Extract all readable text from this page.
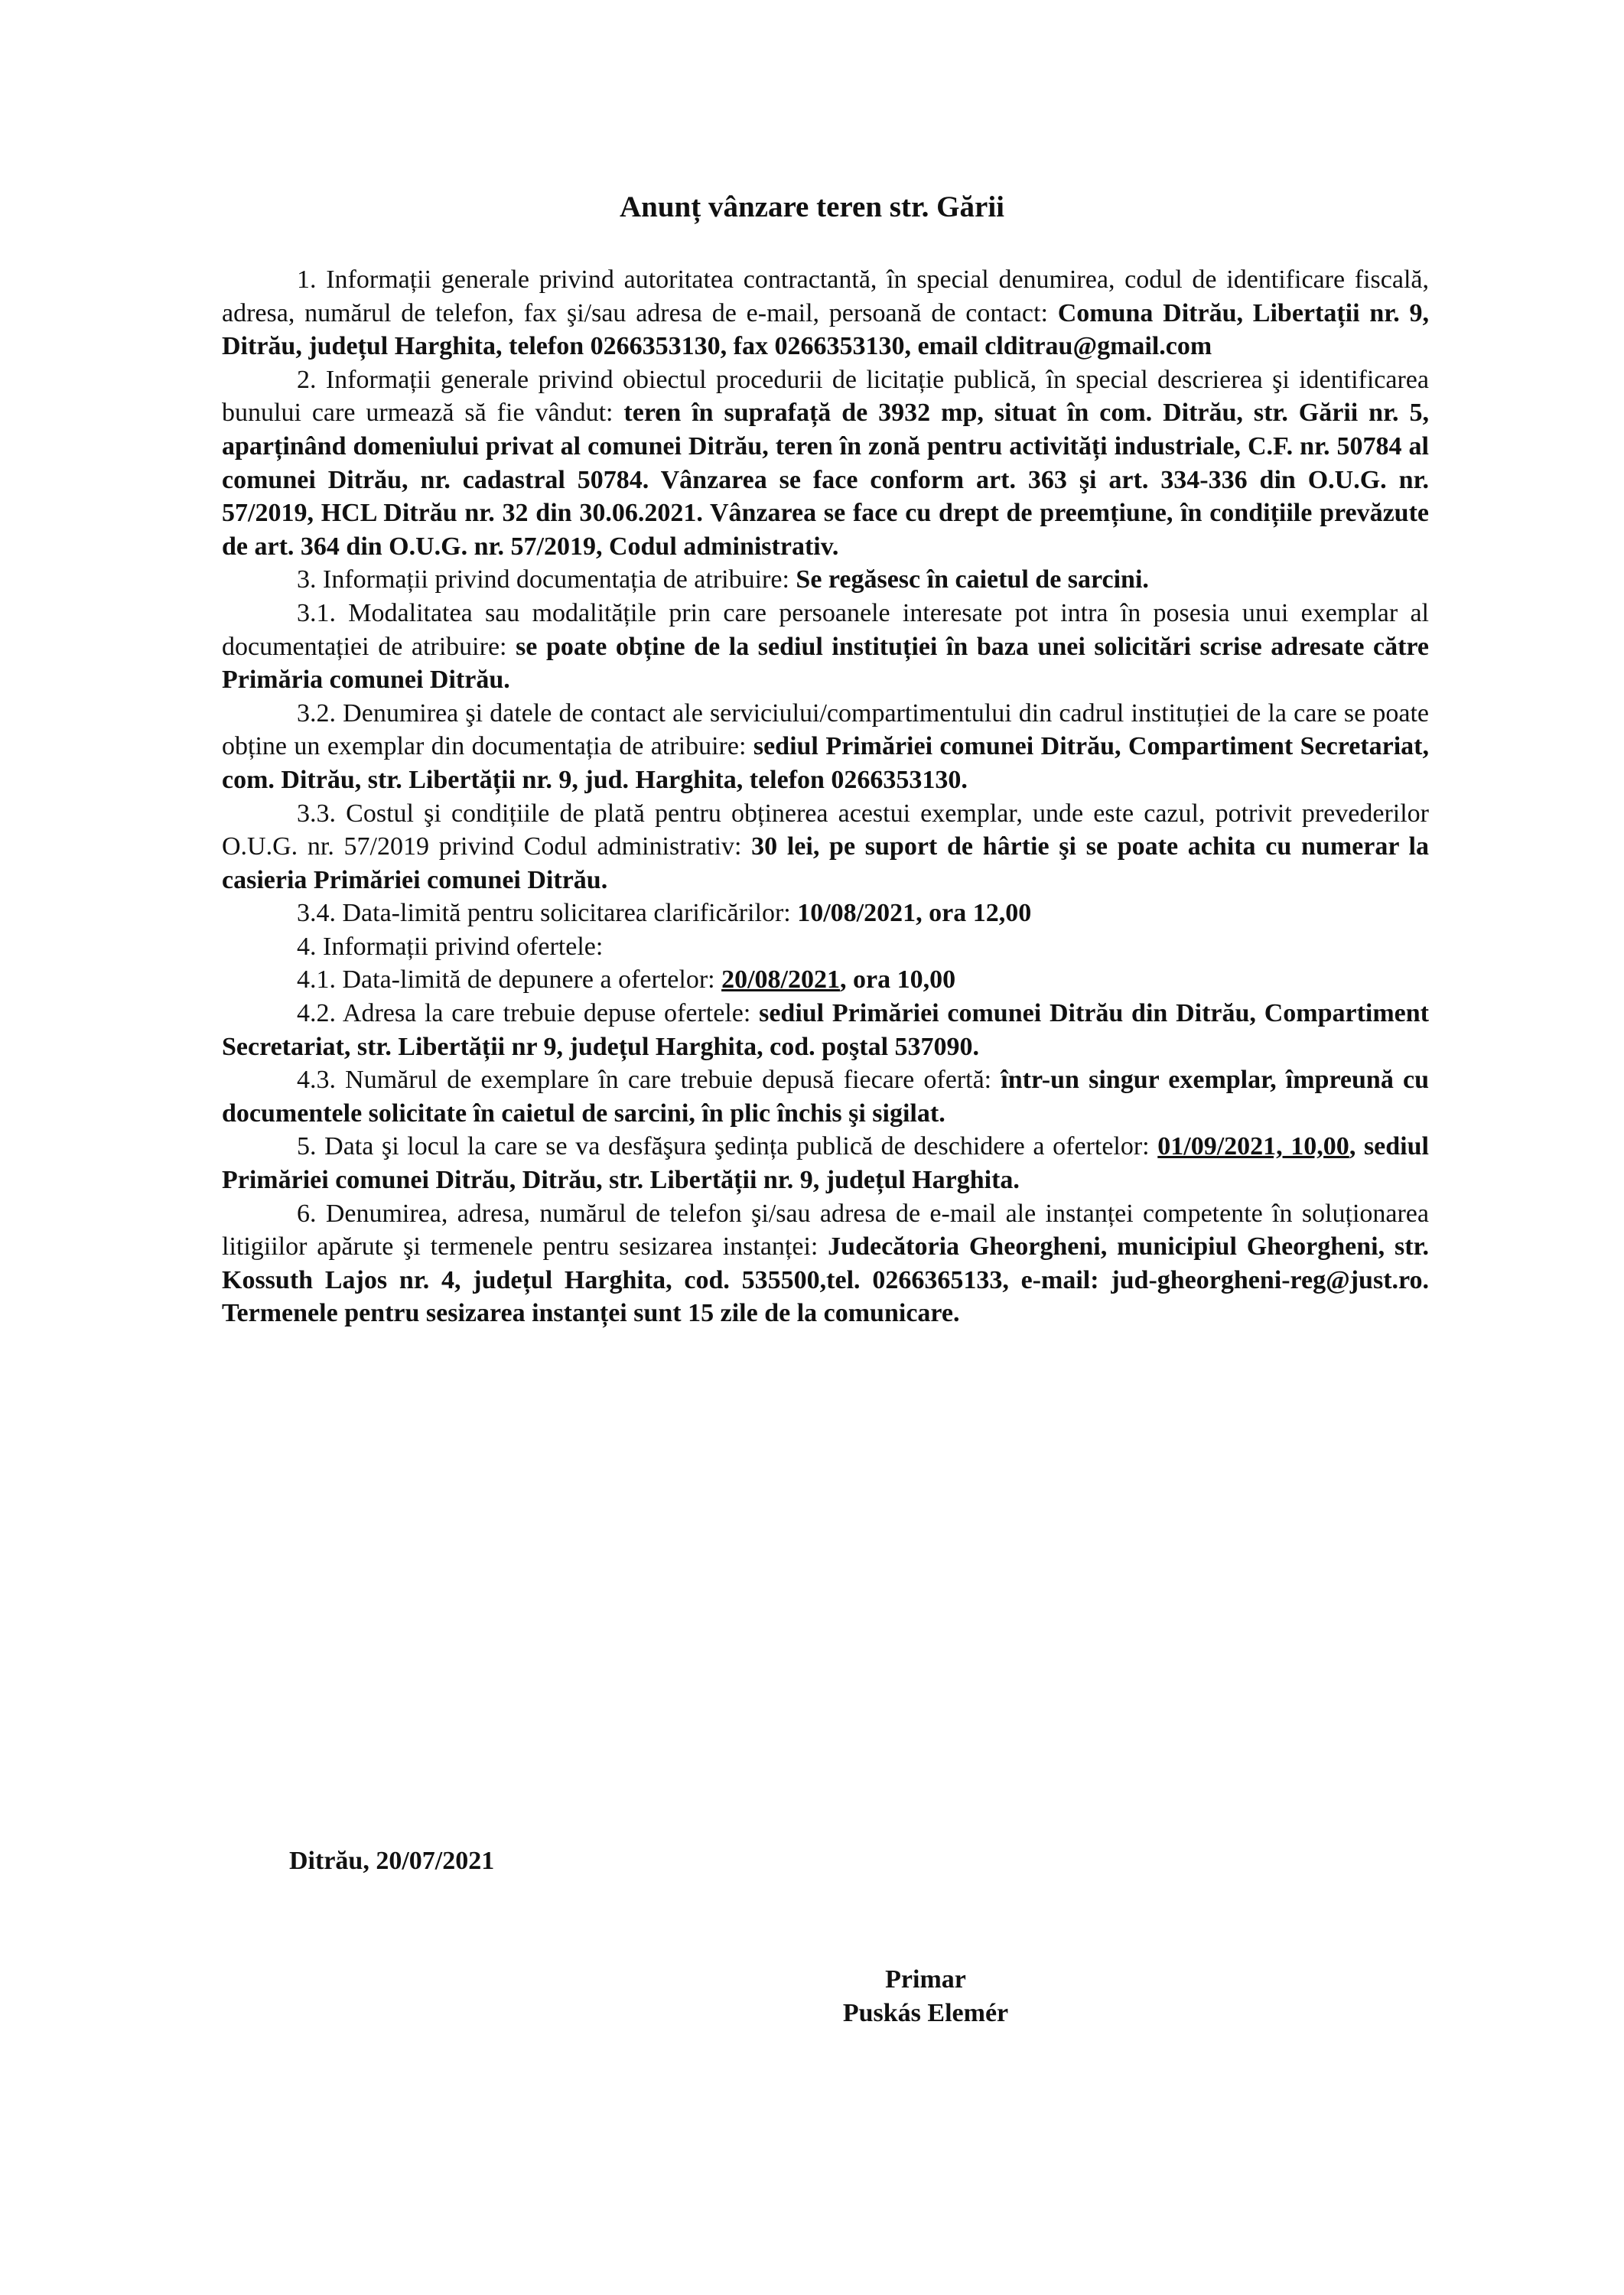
Anunț vânzare teren str. Gării

1. Informații generale privind autoritatea contractantă, în special denumirea, codul de identificare fiscală, adresa, numărul de telefon, fax şi/sau adresa de e-mail, persoană de contact: Comuna Ditrău, Libertații nr. 9, Ditrău, județul Harghita, telefon 0266353130, fax 0266353130, email clditrau@gmail.com

2. Informații generale privind obiectul procedurii de licitație publică, în special descrierea şi identificarea bunului care urmează să fie vândut: teren în suprafață de 3932 mp, situat în com. Ditrău, str. Gării nr. 5, aparținând domeniului privat al comunei Ditrău, teren în zonă pentru activități industriale, C.F. nr. 50784 al comunei Ditrău, nr. cadastral 50784. Vânzarea se face conform art. 363 şi art. 334-336 din O.U.G. nr. 57/2019, HCL Ditrău nr. 32 din 30.06.2021. Vânzarea se face cu drept de preemțiune, în condițiile prevăzute de art. 364 din O.U.G. nr. 57/2019, Codul administrativ.

3. Informații privind documentația de atribuire: Se regăsesc în caietul de sarcini.

3.1. Modalitatea sau modalitățile prin care persoanele interesate pot intra în posesia unui exemplar al documentației de atribuire: se poate obține de la sediul instituției în baza unei solicitări scrise adresate către Primăria comunei Ditrău.

3.2. Denumirea şi datele de contact ale serviciului/compartimentului din cadrul instituției de la care se poate obține un exemplar din documentația de atribuire: sediul Primăriei comunei Ditrău, Compartiment Secretariat, com. Ditrău, str. Libertății nr. 9, jud. Harghita, telefon 0266353130.

3.3. Costul şi condițiile de plată pentru obținerea acestui exemplar, unde este cazul, potrivit prevederilor O.U.G. nr. 57/2019 privind Codul administrativ: 30 lei, pe suport de hârtie şi se poate achita cu numerar la casieria Primăriei comunei Ditrău.

3.4. Data-limită pentru solicitarea clarificărilor: 10/08/2021, ora 12,00

4. Informații privind ofertele:

4.1. Data-limită de depunere a ofertelor: 20/08/2021, ora 10,00

4.2. Adresa la care trebuie depuse ofertele: sediul Primăriei comunei Ditrău din Ditrău, Compartiment Secretariat, str. Libertății nr 9, județul Harghita, cod. poştal 537090.

4.3. Numărul de exemplare în care trebuie depusă fiecare ofertă: într-un singur exemplar, împreună cu documentele solicitate în caietul de sarcini, în plic închis şi sigilat.

5. Data şi locul la care se va desfăşura şedința publică de deschidere a ofertelor: 01/09/2021, 10,00, sediul Primăriei comunei Ditrău, Ditrău, str. Libertății nr. 9, județul Harghita.

6. Denumirea, adresa, numărul de telefon şi/sau adresa de e-mail ale instanței competente în soluționarea litigiilor apărute şi termenele pentru sesizarea instanței: Judecătoria Gheorgheni, municipiul Gheorgheni, str. Kossuth Lajos nr. 4, județul Harghita, cod. 535500,tel. 0266365133, e-mail: jud-gheorgheni-reg@just.ro. Termenele pentru sesizarea instanței sunt 15 zile de la comunicare.

Ditrău, 20/07/2021

Primar
Puskás Elemér
